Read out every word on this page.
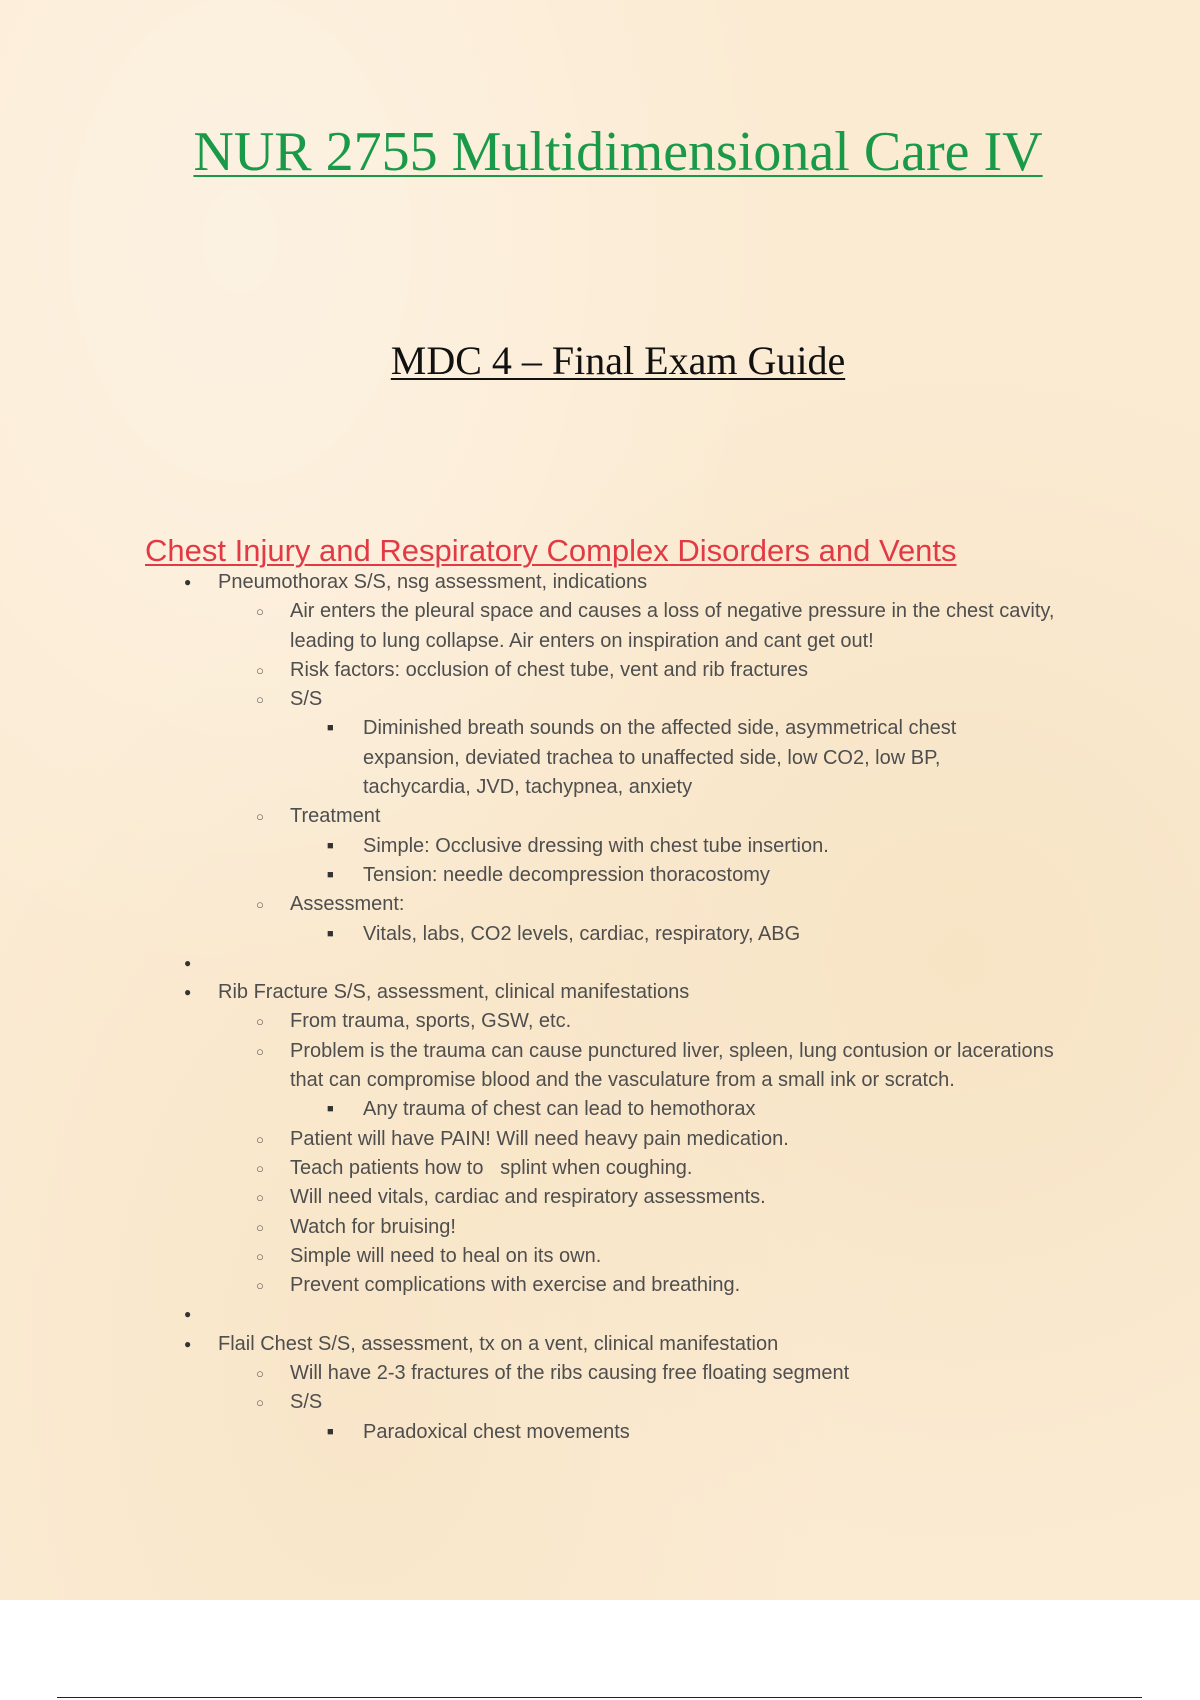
NUR 2755 Multidimensional Care IV
MDC 4 – Final Exam Guide
Chest Injury and Respiratory Complex Disorders and Vents
● Pneumothorax S/S, nsg assessment, indications
○ Air enters the pleural space and causes a loss of negative pressure in the chest cavity, leading to lung collapse. Air enters on inspiration and cant get out!
○ Risk factors: occlusion of chest tube, vent and rib fractures
○ S/S
■ Diminished breath sounds on the affected side, asymmetrical chest expansion, deviated trachea to unaffected side, low CO2, low BP, tachycardia, JVD, tachypnea, anxiety
○ Treatment
■ Simple: Occlusive dressing with chest tube insertion.
■ Tension: needle decompression thoracostomy
○ Assessment:
■ Vitals, labs, CO2 levels, cardiac, respiratory, ABG
●
● Rib Fracture S/S, assessment, clinical manifestations
○ From trauma, sports, GSW, etc.
○ Problem is the trauma can cause punctured liver, spleen, lung contusion or lacerations that can compromise blood and the vasculature from a small ink or scratch.
■ Any trauma of chest can lead to hemothorax
○ Patient will have PAIN! Will need heavy pain medication.
○ Teach patients how to   splint when coughing.
○ Will need vitals, cardiac and respiratory assessments.
○ Watch for bruising!
○ Simple will need to heal on its own.
○ Prevent complications with exercise and breathing.
●
● Flail Chest S/S, assessment, tx on a vent, clinical manifestation
○ Will have 2-3 fractures of the ribs causing free floating segment
○ S/S
■ Paradoxical chest movements
